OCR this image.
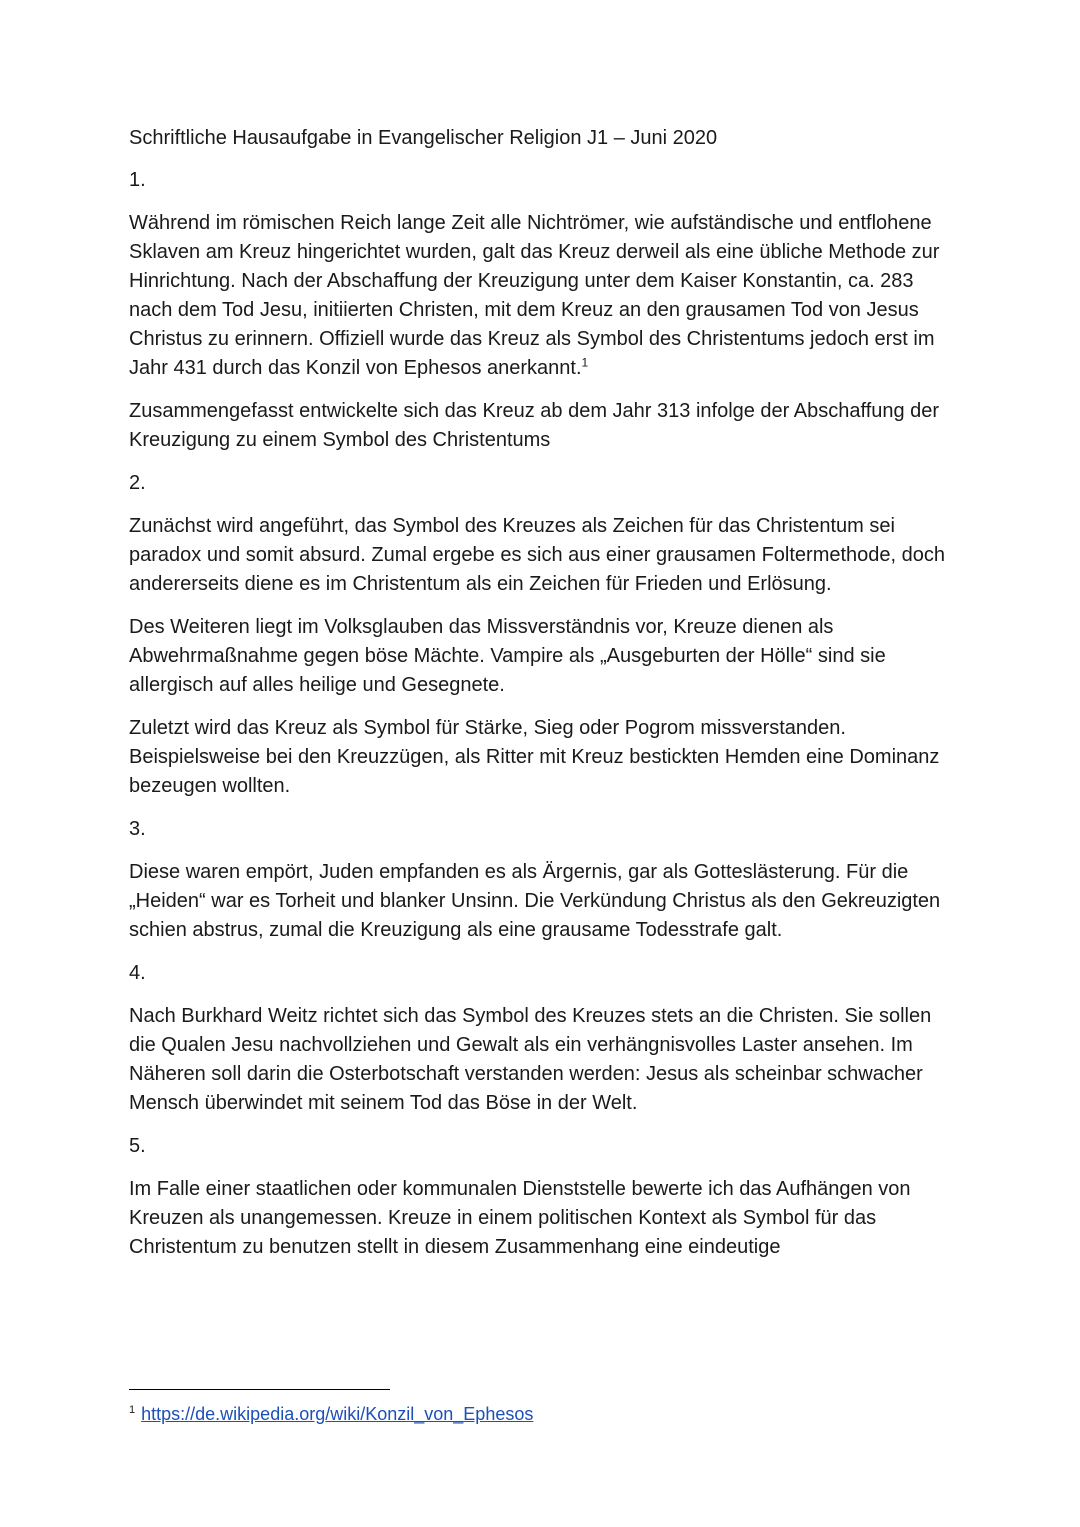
Schriftliche Hausaufgabe in Evangelischer Religion J1 – Juni 2020

1.

Während im römischen Reich lange Zeit alle Nichtrömer, wie aufständische und entflohene Sklaven am Kreuz hingerichtet wurden, galt das Kreuz derweil als eine übliche Methode zur Hinrichtung. Nach der Abschaffung der Kreuzigung unter dem Kaiser Konstantin, ca. 283 nach dem Tod Jesu, initiierten Christen, mit dem Kreuz an den grausamen Tod von Jesus Christus zu erinnern. Offiziell wurde das Kreuz als Symbol des Christentums jedoch erst im Jahr 431 durch das Konzil von Ephesos anerkannt.$^1$

Zusammengefasst entwickelte sich das Kreuz ab dem Jahr 313 infolge der Abschaffung der Kreuzigung zu einem Symbol des Christentums

2.

Zunächst wird angeführt, das Symbol des Kreuzes als Zeichen für das Christentum sei paradox und somit absurd. Zumal ergebe es sich aus einer grausamen Foltermethode, doch andererseits diene es im Christentum als ein Zeichen für Frieden und Erlösung.

Des Weiteren liegt im Volksglauben das Missverständnis vor, Kreuze dienen als Abwehrmaßnahme gegen böse Mächte. Vampire als „Ausgeburten der Hölle“ sind sie allergisch auf alles heilige und Gesegnete.

Zuletzt wird das Kreuz als Symbol für Stärke, Sieg oder Pogrom missverstanden. Beispielsweise bei den Kreuzzügen, als Ritter mit Kreuz bestickten Hemden eine Dominanz bezeugen wollten.

3.

Diese waren empört, Juden empfanden es als Ärgernis, gar als Gotteslästerung. Für die „Heiden“ war es Torheit und blanker Unsinn. Die Verkündung Christus als den Gekreuzigten schien abstrus, zumal die Kreuzigung als eine grausame Todesstrafe galt.

4.

Nach Burkhard Weitz richtet sich das Symbol des Kreuzes stets an die Christen. Sie sollen die Qualen Jesu nachvollziehen und Gewalt als ein verhängnisvolles Laster ansehen. Im Näheren soll darin die Osterbotschaft verstanden werden: Jesus als scheinbar schwacher Mensch überwindet mit seinem Tod das Böse in der Welt.

5.

Im Falle einer staatlichen oder kommunalen Dienststelle bewerte ich das Aufhängen von Kreuzen als unangemessen. Kreuze in einem politischen Kontext als Symbol für das Christentum zu benutzen stellt in diesem Zusammenhang eine eindeutige

$^1$ https://de.wikipedia.org/wiki/Konzil_von_Ephesos
